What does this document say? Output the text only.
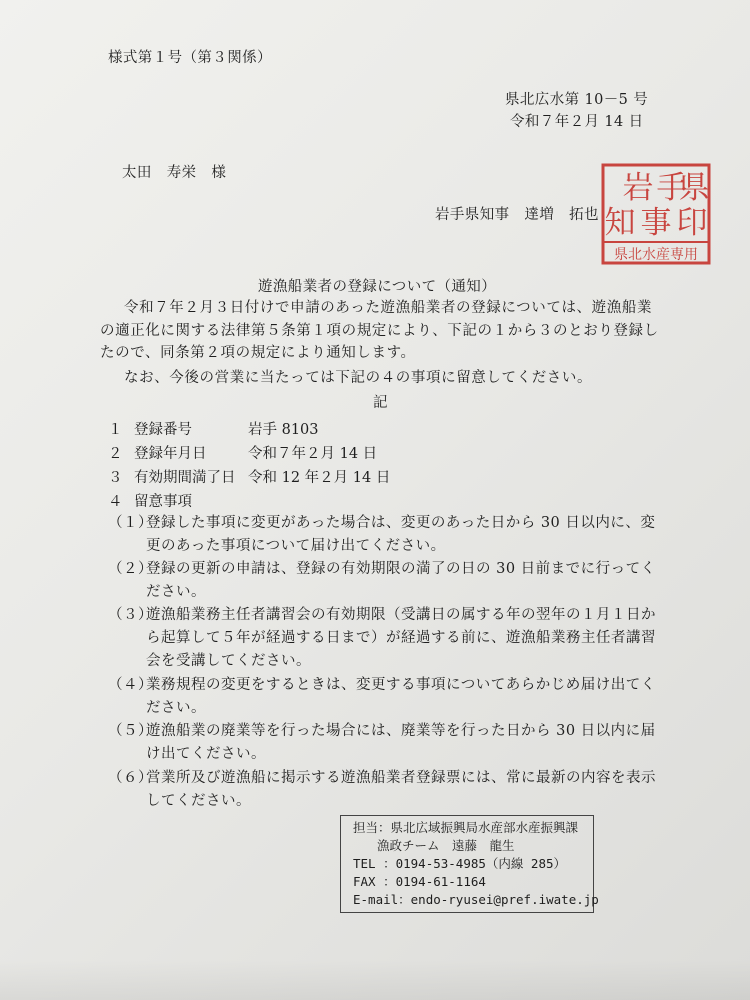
様式第１号（第３関係）
県北広水第 10－5 号
令和７年２月 14 日
太田　寿栄　様
岩手県知事　達増　拓也
手
岩 県
知 事 印
県北水産専用
遊漁船業者の登録について（通知）
令和７年２月３日付けで申請のあった遊漁船業者の登録については、遊漁船業の適正化に関する法律第５条第１項の規定により、下記の１から３のとおり登録したので、同条第２項の規定により通知します。
なお、今後の営業に当たっては下記の４の事項に留意してください。
記
１ 登録番号	岩手 8103
２ 登録年月日	令和７年２月 14 日
３ 有効期間満了日 令和 12 年２月 14 日
４ 留意事項
（１）
登録した事項に変更があった場合は、変更のあった日から 30 日以内に、変更のあった事項について届け出てください。
（２）
登録の更新の申請は、登録の有効期限の満了の日の 30 日前までに行ってください。
（３）
遊漁船業務主任者講習会の有効期限（受講日の属する年の翌年の１月１日から起算して５年が経過する日まで）が経過する前に、遊漁船業務主任者講習会を受講してください。
（４）
業務規程の変更をするときは、変更する事項についてあらかじめ届け出てください。
（５）
遊漁船業の廃業等を行った場合には、廃業等を行った日から 30 日以内に届け出てください。
（６）
営業所及び遊漁船に掲示する遊漁船業者登録票には、常に最新の内容を表示してください。
担当：県北広域振興局水産部水産振興課
漁政チーム　遠藤　龍生
TEL ：0194-53-4985（内線 285）
FAX ：0194-61-1164
E-mail：endo-ryusei@pref.iwate.jp
